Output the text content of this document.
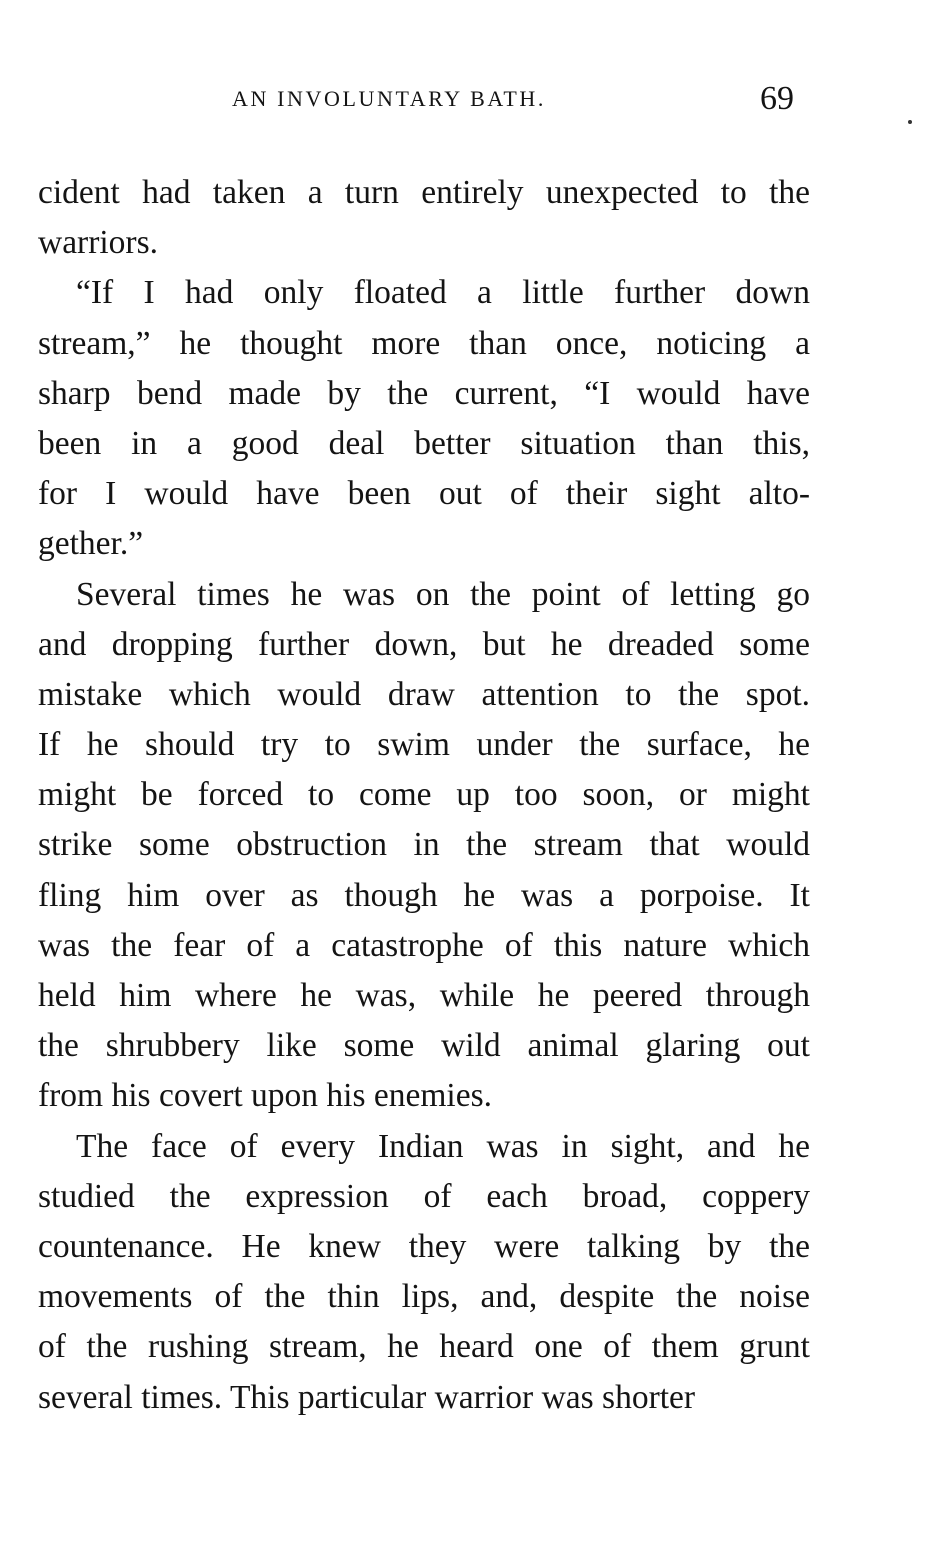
AN INVOLUNTARY BATH.	69
cident had taken a turn entirely unexpected to the
warriors.
“If I had only floated a little further down
stream,” he thought more than once, noticing a
sharp bend made by the current, “I would have
been in a good deal better situation than this,
for I w⁠ould have been out of their sight alto-
gether.”
Several times he was on the point of letting go
and dropping further down, but he dreaded some
mistake which would draw attention to the spot.
If he should try to swim under the surface, he
might be forced to come up too soon, or might
strike some obstruction in the stream that would
fling him over as though he was a porpoise. It
was the fear of a catastrophe of this nature which
held him where he was, while he peered through
the shrubbery like some wild animal glaring out
from his covert upon his enemies.
The face of every Indian was in sight, and he
studied the expression of each broad, coppery
countenance. He knew they were talking by the
movements of the thin lips, and, despite the noise
of the rushing stream, he heard one of them grunt
several times. This particular warrior was shorter
